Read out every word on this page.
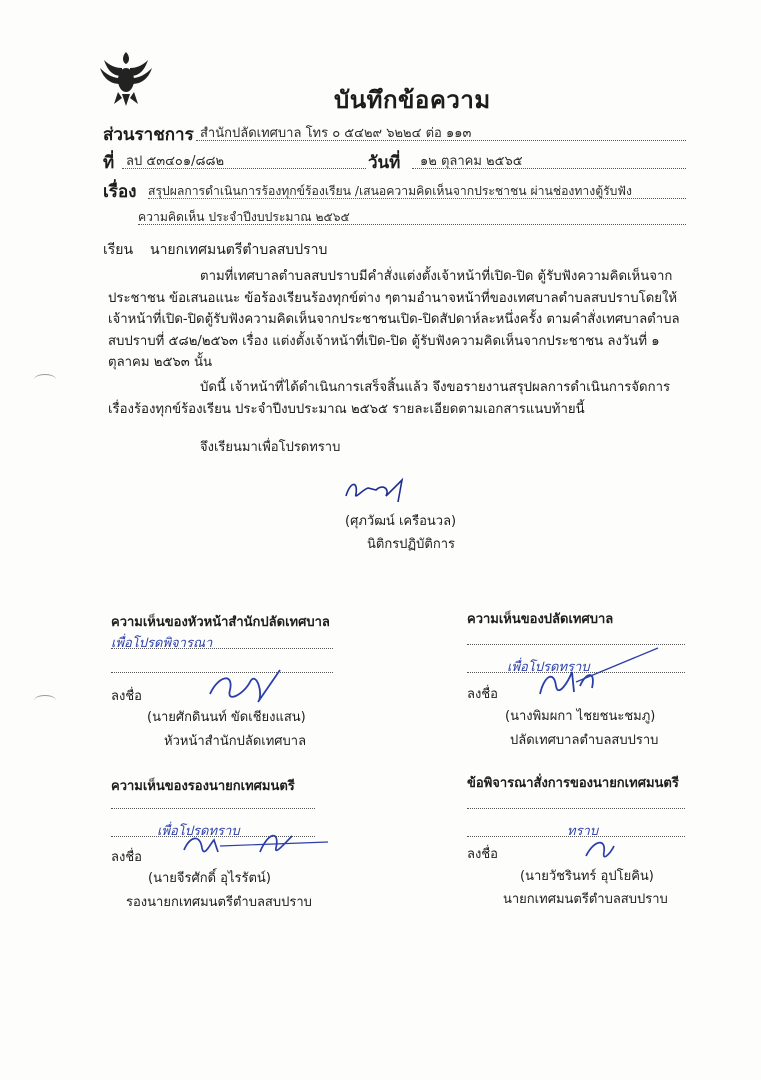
บันทึกข้อความ
ส่วนราชการ สำนักปลัดเทศบาล โทร ๐ ๕๔๒๙ ๖๒๒๔ ต่อ ๑๑๓
ที่ ลป ๕๓๔๐๑/๘๘๒	วันที่	๑๒ ตุลาคม ๒๕๖๕
เรื่อง สรุปผลการดำเนินการร้องทุกข์ร้องเรียน /เสนอความคิดเห็นจากประชาชน ผ่านช่องทางตู้รับฟัง
ความคิดเห็น ประจำปีงบประมาณ ๒๕๖๕
เรียน นายกเทศมนตรีตำบลสบปราบ
ตามที่เทศบาลตำบลสบปราบมีคำสั่งแต่งตั้งเจ้าหน้าที่เปิด-ปิด ตู้รับฟังความคิดเห็นจากประชาชน ข้อเสนอแนะ ข้อร้องเรียนร้องทุกข์ต่าง ๆตามอำนาจหน้าที่ของเทศบาลตำบลสบปราบโดยให้เจ้าหน้าที่เปิด-ปิดตู้รับฟังความคิดเห็นจากประชาชนเปิด-ปิดสัปดาห์ละหนึ่งครั้ง ตามคำสั่งเทศบาลตำบลสบปราบที่ ๕๘๒/๒๕๖๓ เรื่อง แต่งตั้งเจ้าหน้าที่เปิด-ปิด ตู้รับฟังความคิดเห็นจากประชาชน ลงวันที่ ๑ ตุลาคม ๒๕๖๓ นั้น
บัดนี้ เจ้าหน้าที่ได้ดำเนินการเสร็จสิ้นแล้ว จึงขอรายงานสรุปผลการดำเนินการจัดการเรื่องร้องทุกข์ร้องเรียน ประจำปีงบประมาณ ๒๕๖๕ รายละเอียดตามเอกสารแนบท้ายนี้
จึงเรียนมาเพื่อโปรดทราบ
(ศุภวัฒน์ เครือนวล)
นิติกรปฏิบัติการ
ความเห็นของหัวหน้าสำนักปลัดเทศบาล
เพื่อโปรดพิจารณา
ลงชื่อ
(นายศักดินนท์ ขัดเชียงแสน)
หัวหน้าสำนักปลัดเทศบาล
ความเห็นของปลัดเทศบาล
เพื่อโปรดทราบ
ลงชื่อ
(นางพิมผกา ไชยชนะชมภู)
ปลัดเทศบาลตำบลสบปราบ
ความเห็นของรองนายกเทศมนตรี
เพื่อโปรดทราบ
ลงชื่อ
(นายจีรศักดิ์ อุไรรัตน์)
รองนายกเทศมนตรีตำบลสบปราบ
ข้อพิจารณาสั่งการของนายกเทศมนตรี
ทราบ
ลงชื่อ
(นายวัชรินทร์ อุปโยคิน)
นายกเทศมนตรีตำบลสบปราบ
